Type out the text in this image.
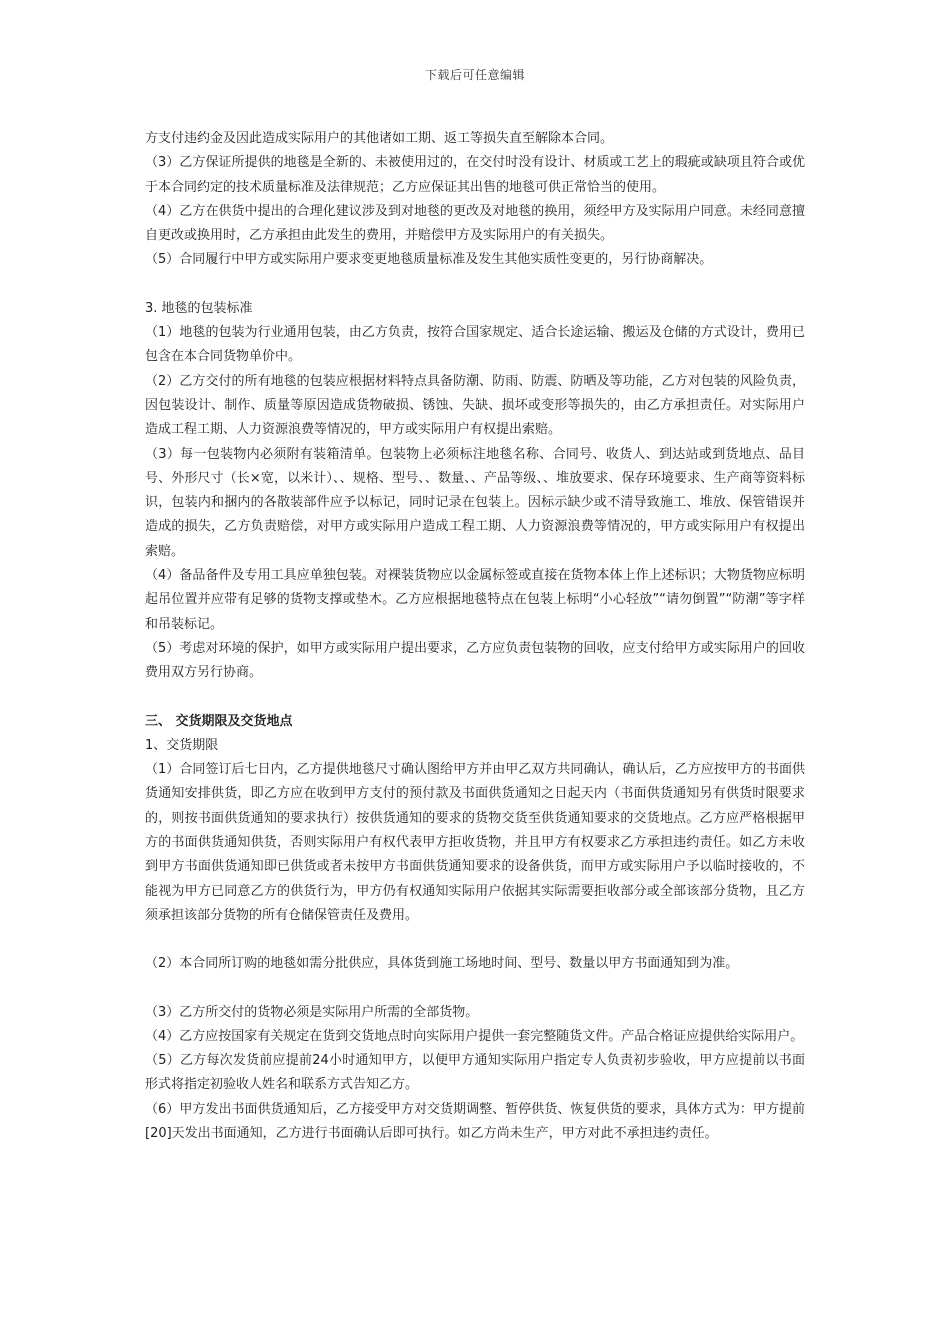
下载后可任意编辑

方支付违约金及因此造成实际用户的其他诸如工期、返工等损失直至解除本合同。

（3）乙方保证所提供的地毯是全新的、未被使用过的，在交付时没有设计、材质或工艺上的瑕疵或缺项且符合或优于本合同约定的技术质量标准及法律规范；乙方应保证其出售的地毯可供正常恰当的使用。

（4）乙方在供货中提出的合理化建议涉及到对地毯的更改及对地毯的换用，须经甲方及实际用户同意。未经同意擅自更改或换用时，乙方承担由此发生的费用，并赔偿甲方及实际用户的有关损失。

（5）合同履行中甲方或实际用户要求变更地毯质量标准及发生其他实质性变更的，另行协商解决。

3. 地毯的包装标准

（1）地毯的包装为行业通用包装，由乙方负责，按符合国家规定、适合长途运输、搬运及仓储的方式设计，费用已包含在本合同货物单价中。

（2）乙方交付的所有地毯的包装应根据材料特点具备防潮、防雨、防震、防晒及等功能，乙方对包装的风险负责，因包装设计、制作、质量等原因造成货物破损、锈蚀、失缺、损坏或变形等损失的，由乙方承担责任。对实际用户造成工程工期、人力资源浪费等情况的，甲方或实际用户有权提出索赔。

（3）每一包装物内必须附有装箱清单。包装物上必须标注地毯名称、合同号、收货人、到达站或到货地点、品目号、外形尺寸（长×宽，以米计）、、规格、型号、、数量、、产品等级、、堆放要求、保存环境要求、生产商等资料标识，包装内和捆内的各散装部件应予以标记，同时记录在包装上。因标示缺少或不清导致施工、堆放、保管错误并造成的损失，乙方负责赔偿，对甲方或实际用户造成工程工期、人力资源浪费等情况的，甲方或实际用户有权提出索赔。

（4）备品备件及专用工具应单独包装。对裸装货物应以金属标签或直接在货物本体上作上述标识；大物货物应标明起吊位置并应带有足够的货物支撑或垫木。乙方应根据地毯特点在包装上标明“小心轻放”“请勿倒置”“防潮”等字样和吊装标记。

（5）考虑对环境的保护，如甲方或实际用户提出要求，乙方应负责包装物的回收，应支付给甲方或实际用户的回收费用双方另行协商。

三、 交货期限及交货地点

1、交货期限

（1）合同签订后七日内，乙方提供地毯尺寸确认图给甲方并由甲乙双方共同确认，确认后，乙方应按甲方的书面供货通知安排供货，即乙方应在收到甲方支付的预付款及书面供货通知之日起天内（书面供货通知另有供货时限要求的，则按书面供货通知的要求执行）按供货通知的要求的货物交货至供货通知要求的交货地点。乙方应严格根据甲方的书面供货通知供货，否则实际用户有权代表甲方拒收货物，并且甲方有权要求乙方承担违约责任。如乙方未收到甲方书面供货通知即已供货或者未按甲方书面供货通知要求的设备供货，而甲方或实际用户予以临时接收的，不能视为甲方已同意乙方的供货行为，甲方仍有权通知实际用户依据其实际需要拒收部分或全部该部分货物，且乙方须承担该部分货物的所有仓储保管责任及费用。

（2）本合同所订购的地毯如需分批供应，具体货到施工场地时间、型号、数量以甲方书面通知到为准。

（3）乙方所交付的货物必须是实际用户所需的全部货物。

（4）乙方应按国家有关规定在货到交货地点时向实际用户提供一套完整随货文件。产品合格证应提供给实际用户。

（5）乙方每次发货前应提前24小时通知甲方，以便甲方通知实际用户指定专人负责初步验收，甲方应提前以书面形式将指定初验收人姓名和联系方式告知乙方。

（6）甲方发出书面供货通知后，乙方接受甲方对交货期调整、暂停供货、恢复供货的要求，具体方式为：甲方提前[20]天发出书面通知，乙方进行书面确认后即可执行。如乙方尚未生产，甲方对此不承担违约责任。
